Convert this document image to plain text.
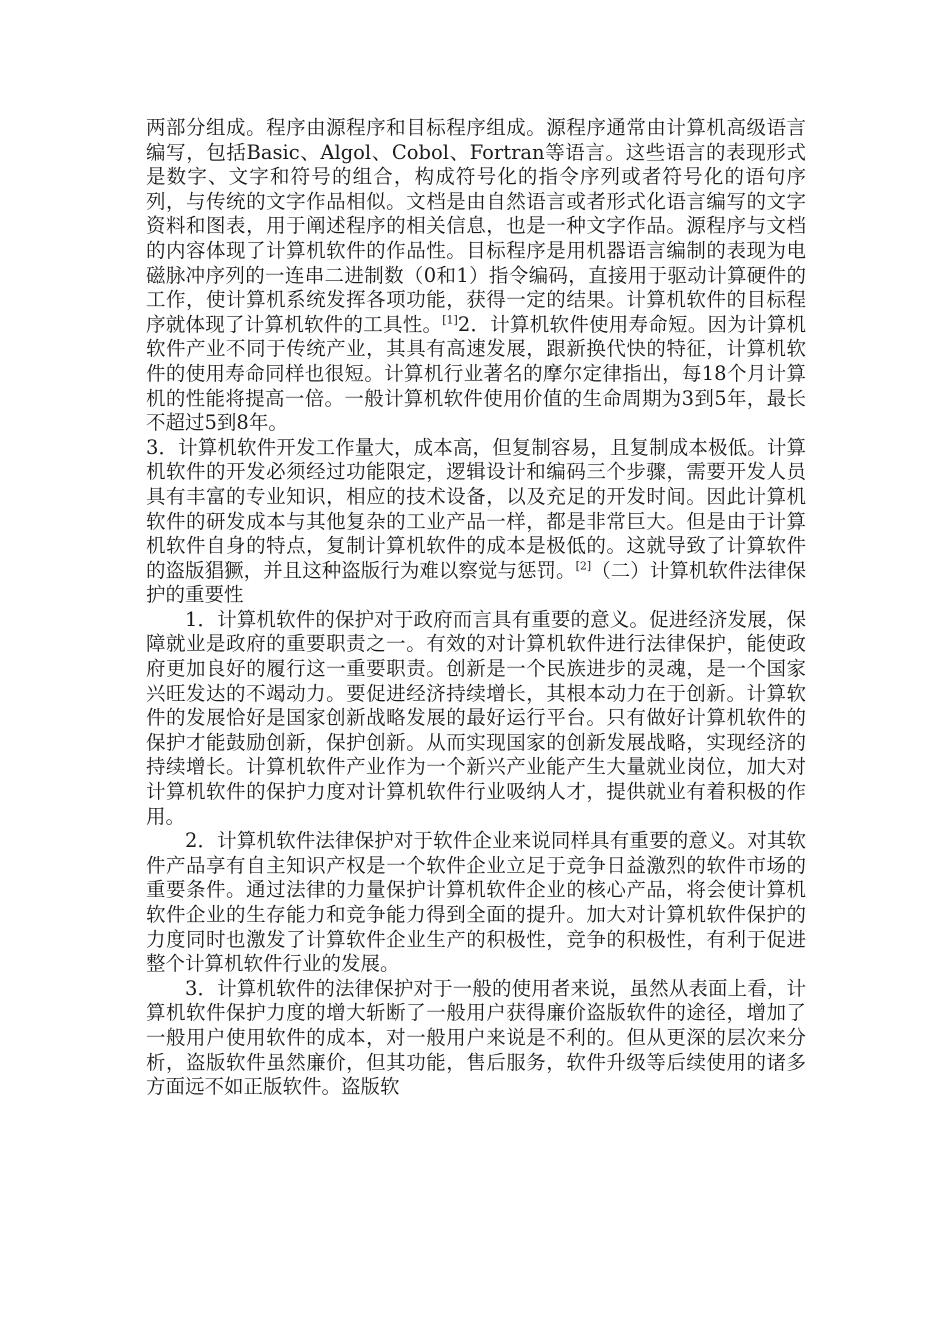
两部分组成。程序由源程序和目标程序组成。源程序通常由计算机高级语言编写，包括Basic、Algol、Cobol、Fortran等语言。这些语言的表现形式是数字、文字和符号的组合，构成符号化的指令序列或者符号化的语句序列，与传统的文字作品相似。文档是由自然语言或者形式化语言编写的文字资料和图表，用于阐述程序的相关信息，也是一种文字作品。源程序与文档的内容体现了计算机软件的作品性。目标程序是用机器语言编制的表现为电磁脉冲序列的一连串二进制数（0和1）指令编码，直接用于驱动计算硬件的工作，使计算机系统发挥各项功能，获得一定的结果。计算机软件的目标程序就体现了计算机软件的工具性。[1]2．计算机软件使用寿命短。因为计算机软件产业不同于传统产业，其具有高速发展，跟新换代快的特征，计算机软件的使用寿命同样也很短。计算机行业著名的摩尔定律指出，每18个月计算机的性能将提高一倍。一般计算机软件使用价值的生命周期为3到5年，最长不超过5到8年。

3．计算机软件开发工作量大，成本高，但复制容易，且复制成本极低。计算机软件的开发必须经过功能限定，逻辑设计和编码三个步骤，需要开发人员具有丰富的专业知识，相应的技术设备，以及充足的开发时间。因此计算机软件的研发成本与其他复杂的工业产品一样，都是非常巨大。但是由于计算机软件自身的特点，复制计算机软件的成本是极低的。这就导致了计算软件的盗版猖獗，并且这种盗版行为难以察觉与惩罚。[2]（二）计算机软件法律保护的重要性

1．计算机软件的保护对于政府而言具有重要的意义。促进经济发展，保障就业是政府的重要职责之一。有效的对计算机软件进行法律保护，能使政府更加良好的履行这一重要职责。创新是一个民族进步的灵魂，是一个国家兴旺发达的不竭动力。要促进经济持续增长，其根本动力在于创新。计算软件的发展恰好是国家创新战略发展的最好运行平台。只有做好计算机软件的保护才能鼓励创新，保护创新。从而实现国家的创新发展战略，实现经济的持续增长。计算机软件产业作为一个新兴产业能产生大量就业岗位，加大对计算机软件的保护力度对计算机软件行业吸纳人才，提供就业有着积极的作用。

2．计算机软件法律保护对于软件企业来说同样具有重要的意义。对其软件产品享有自主知识产权是一个软件企业立足于竞争日益激烈的软件市场的重要条件。通过法律的力量保护计算机软件企业的核心产品，将会使计算机软件企业的生存能力和竞争能力得到全面的提升。加大对计算机软件保护的力度同时也激发了计算软件企业生产的积极性，竞争的积极性，有利于促进整个计算机软件行业的发展。

3．计算机软件的法律保护对于一般的使用者来说，虽然从表面上看，计算机软件保护力度的增大斩断了一般用户获得廉价盗版软件的途径，增加了一般用户使用软件的成本，对一般用户来说是不利的。但从更深的层次来分析，盗版软件虽然廉价，但其功能，售后服务，软件升级等后续使用的诸多方面远不如正版软件。盗版软
